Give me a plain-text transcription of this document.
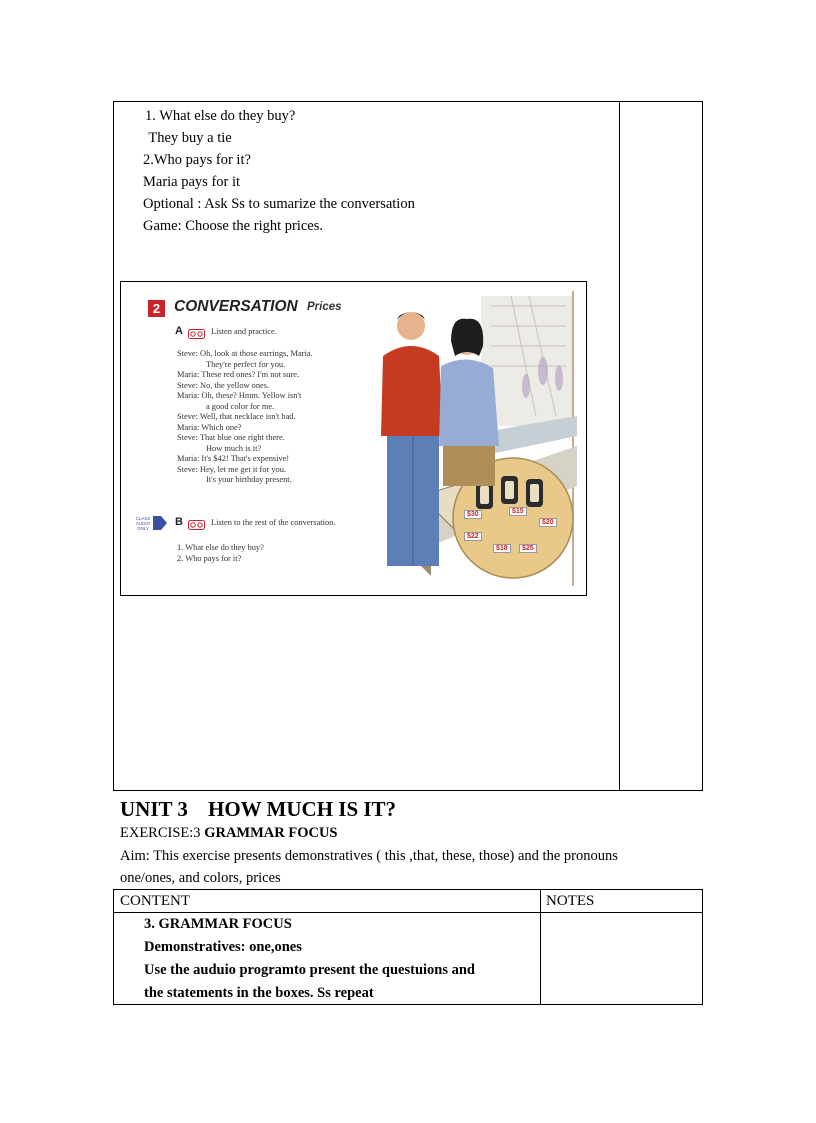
1. What else do they buy?
They buy a tie
2.Who pays for it?
Maria pays for it
Optional : Ask Ss to sumarize the conversation
Game: Choose the right prices.
2 CONVERSATION Prices
A	Listen and practice.
Steve: Oh, look at those earrings, Maria.
They're perfect for you.
Maria: These red ones? I'm not sure.
Steve: No, the yellow ones.
Maria: Oh, these? Hmm. Yellow isn't
a good color for me.
Steve: Well, that necklace isn't bad.
Maria: Which one?
Steve: That blue one right there.
How much is it?
Maria: It's $42! That's expensive!
Steve: Hey, let me get it for you.
It's your birthday present.
CLASS AUDIO ONLY
B	Listen to the rest of the conversation.
1. What else do they buy?
2. Who pays for it?
$30	$15
$22
$18	$25
$20
UNIT 3 HOW MUCH IS IT?
EXERCISE:3 GRAMMAR FOCUS
Aim: This exercise presents demonstratives ( this ,that, these, those) and the pronouns
one/ones, and colors, prices
CONTENT	NOTES
3. GRAMMAR FOCUS
Demonstratives: one,ones
Use the auduio programto present the questuions and
the statements in the boxes. Ss repeat
